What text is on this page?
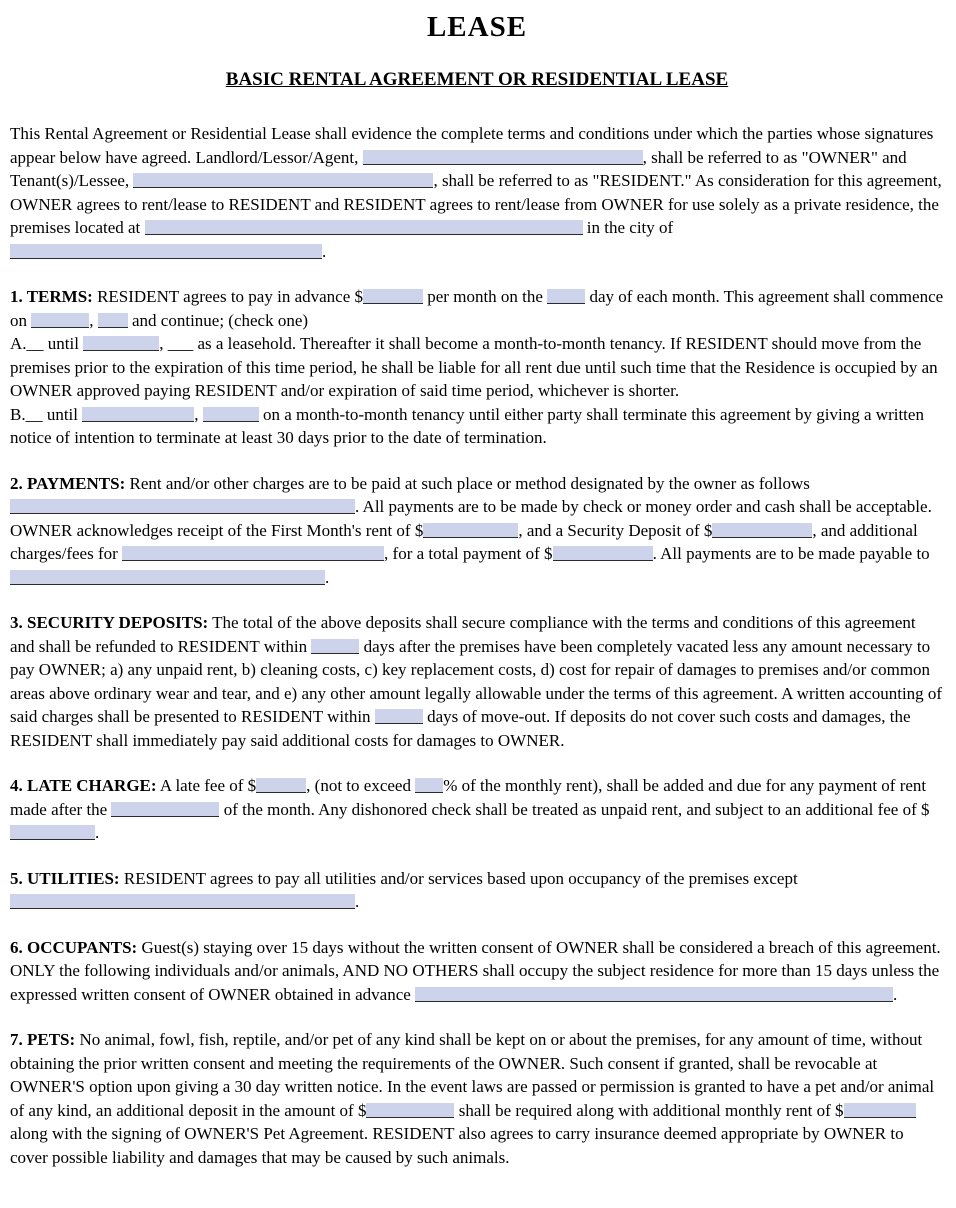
LEASE
BASIC RENTAL AGREEMENT OR RESIDENTIAL LEASE

This Rental Agreement or Residential Lease shall evidence the complete terms and conditions under which the parties whose signatures appear below have agreed. Landlord/Lessor/Agent,	, shall be referred to as "OWNER" and Tenant(s)/Lessee,	, shall be referred to as "RESIDENT." As consideration for this agreement, OWNER agrees to rent/lease to RESIDENT and RESIDENT agrees to rent/lease from OWNER for use solely as a private residence, the premises located at	in the city of .

1. TERMS: RESIDENT agrees to pay in advance $	per month on the  day of each month. This agreement shall commence on	,  and continue; (check one)

A.__ until	, ___ as a leasehold. Thereafter it shall become a month-to-month tenancy. If RESIDENT should move from the premises prior to the expiration of this time period, he shall be liable for all rent due until such time that the Residence is occupied by an OWNER approved paying RESIDENT and/or expiration of said time period, whichever is shorter.

B.__ until	,	on a month-to-month tenancy until either party shall terminate this agreement by giving a written notice of intention to terminate at least 30 days prior to the date of termination.

2. PAYMENTS: Rent and/or other charges are to be paid at such place or method designated by the owner as follows . All payments are to be made by check or money order and cash shall be acceptable. OWNER acknowledges receipt of the First Month's rent of $	, and a Security Deposit of $	, and additional charges/fees for	, for a total payment of $	. All payments are to be made payable to .

3. SECURITY DEPOSITS: The total of the above deposits shall secure compliance with the terms and conditions of this agreement and shall be refunded to RESIDENT within	days after the premises have been completely vacated less any amount necessary to pay OWNER; a) any unpaid rent, b) cleaning costs, c) key replacement costs, d) cost for repair of damages to premises and/or common areas above ordinary wear and tear, and e) any other amount legally allowable under the terms of this agreement. A written accounting of said charges shall be presented to RESIDENT within	days of move-out. If deposits do not cover such costs and damages, the RESIDENT shall immediately pay said additional costs for damages to OWNER.

4. LATE CHARGE: A late fee of $	, (not to exceed % of the monthly rent), shall be added and due for any payment of rent made after the	of the month. Any dishonored check shall be treated as unpaid rent, and subject to an additional fee of $.

5. UTILITIES: RESIDENT agrees to pay all utilities and/or services based upon occupancy of the premises except .

6. OCCUPANTS: Guest(s) staying over 15 days without the written consent of OWNER shall be considered a breach of this agreement. ONLY the following individuals and/or animals, AND NO OTHERS shall occupy the subject residence for more than 15 days unless the expressed written consent of OWNER obtained in advance	.

7. PETS: No animal, fowl, fish, reptile, and/or pet of any kind shall be kept on or about the premises, for any amount of time, without obtaining the prior written consent and meeting the requirements of the OWNER. Such consent if granted, shall be revocable at OWNER'S option upon giving a 30 day written notice. In the event laws are passed or permission is granted to have a pet and/or animal of any kind, an additional deposit in the amount of $	shall be required along with additional monthly rent of $ along with the signing of OWNER'S Pet Agreement. RESIDENT also agrees to carry insurance deemed appropriate by OWNER to cover possible liability and damages that may be caused by such animals.
